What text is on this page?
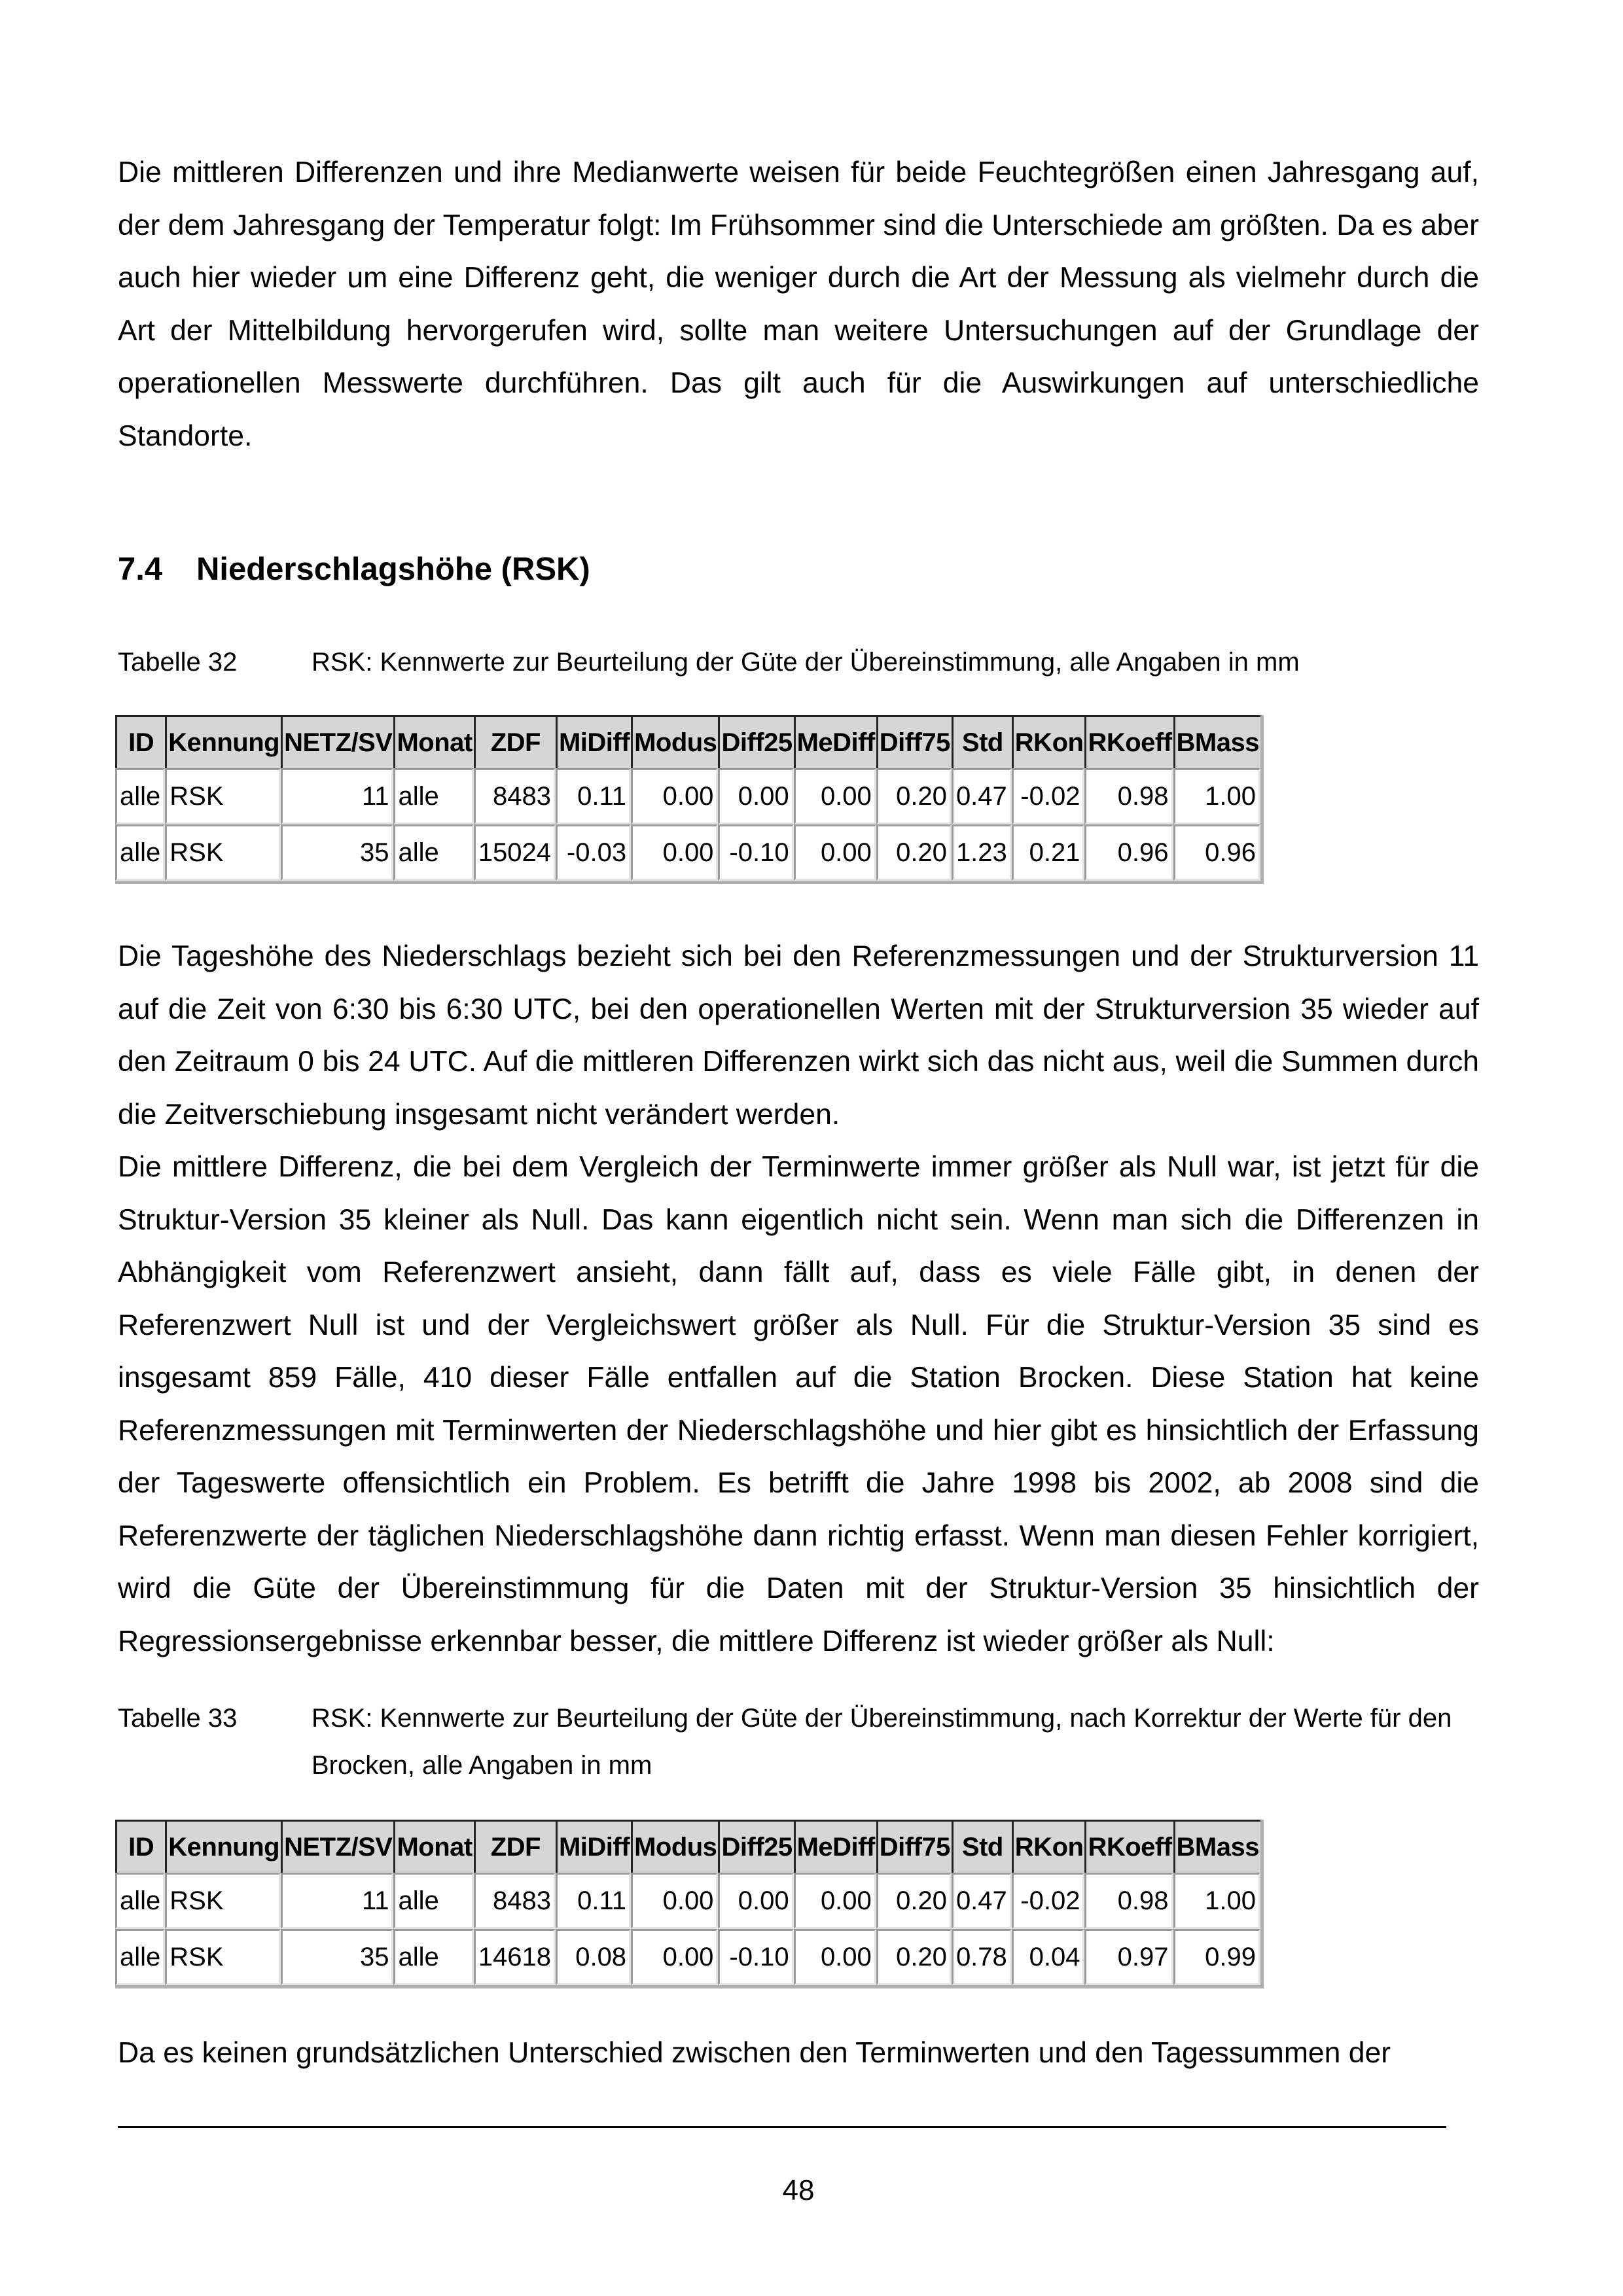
Die mittleren Differenzen und ihre Medianwerte weisen für beide Feuchtegrößen einen Jahresgang auf, der dem Jahresgang der Temperatur folgt: Im Frühsommer sind die Unterschiede am größten. Da es aber auch hier wieder um eine Differenz geht, die weniger durch die Art der Messung als vielmehr durch die Art der Mittelbildung hervorgerufen wird, sollte man weitere Untersuchungen auf der Grundlage der operationellen Messwerte durchführen. Das gilt auch für die Auswirkungen auf unterschiedliche Standorte.

7.4 Niederschlagshöhe (RSK)
Tabelle 32	RSK: Kennwerte zur Beurteilung der Güte der Übereinstimmung, alle Angaben in mm
ID	Kennung	NETZ/SV	Monat	ZDF	MiDiff	Modus	Diff25	MeDiff	Diff75	Std	RKon	RKoeff	BMass
alle	RSK	11	alle	8483	0.11	0.00	0.00	0.00	0.20	0.47	-0.02	0.98	1.00
alle	RSK	35	alle	15024	-0.03	0.00	-0.10	0.00	0.20	1.23	0.21	0.96	0.96

Die Tageshöhe des Niederschlags bezieht sich bei den Referenzmessungen und der Strukturversion 11 auf die Zeit von 6:30 bis 6:30 UTC, bei den operationellen Werten mit der Strukturversion 35 wieder auf den Zeitraum 0 bis 24 UTC. Auf die mittleren Differenzen wirkt sich das nicht aus, weil die Summen durch die Zeitverschiebung insgesamt nicht verändert werden.

Die mittlere Differenz, die bei dem Vergleich der Terminwerte immer größer als Null war, ist jetzt für die Struktur-Version 35 kleiner als Null. Das kann eigentlich nicht sein. Wenn man sich die Differenzen in Abhängigkeit vom Referenzwert ansieht, dann fällt auf, dass es viele Fälle gibt, in denen der Referenzwert Null ist und der Vergleichswert größer als Null. Für die Struktur-Version 35 sind es insgesamt 859 Fälle, 410 dieser Fälle entfallen auf die Station Brocken. Diese Station hat keine Referenzmessungen mit Terminwerten der Niederschlagshöhe und hier gibt es hinsichtlich der Erfassung der Tageswerte offensichtlich ein Problem. Es betrifft die Jahre 1998 bis 2002, ab 2008 sind die Referenzwerte der täglichen Niederschlagshöhe dann richtig erfasst. Wenn man diesen Fehler korrigiert, wird die Güte der Übereinstimmung für die Daten mit der Struktur-Version 35 hinsichtlich der Regressionsergebnisse erkennbar besser, die mittlere Differenz ist wieder größer als Null:

Tabelle 33	RSK: Kennwerte zur Beurteilung der Güte der Übereinstimmung, nach Korrektur der Werte für den Brocken, alle Angaben in mm
ID	Kennung	NETZ/SV	Monat	ZDF	MiDiff	Modus	Diff25	MeDiff	Diff75	Std	RKon	RKoeff	BMass
alle	RSK	11	alle	8483	0.11	0.00	0.00	0.00	0.20	0.47	-0.02	0.98	1.00
alle	RSK	35	alle	14618	0.08	0.00	-0.10	0.00	0.20	0.78	0.04	0.97	0.99

Da es keinen grundsätzlichen Unterschied zwischen den Terminwerten und den Tagessummen der

48
